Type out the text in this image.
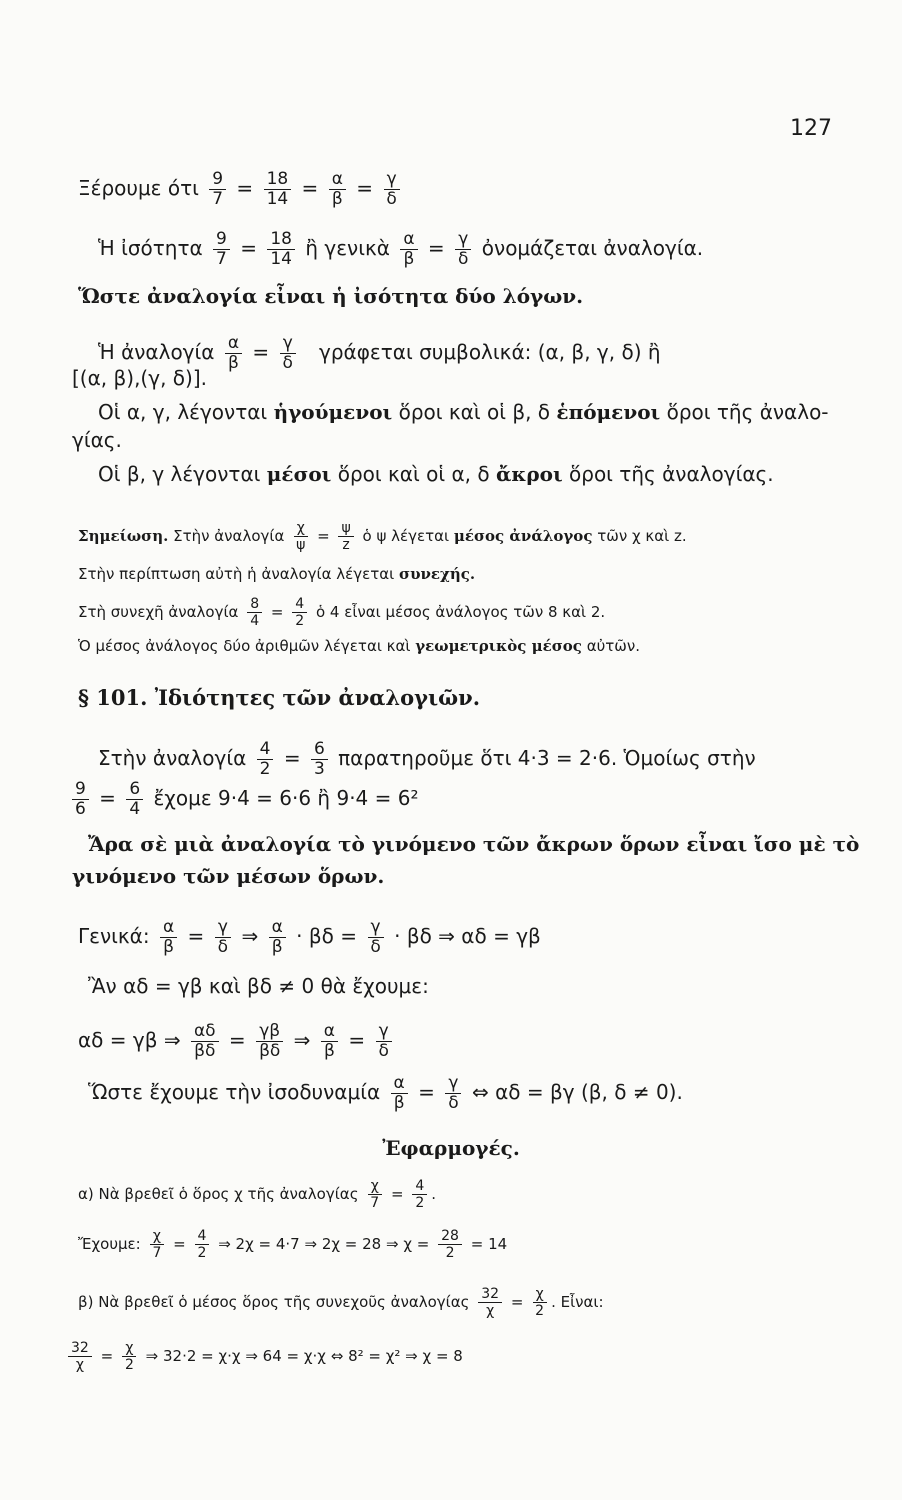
127
Ξέρουμε ότι $\frac{9}{7} = \frac{18}{14} = \frac{\alpha}{\beta} = \frac{\gamma}{\delta}$
Ἡ ἰσότητα $\frac{9}{7} = \frac{18}{14}$ ἢ γενικὰ $\frac{\alpha}{\beta} = \frac{\gamma}{\delta}$ ὀνομάζεται ἀναλογία.
Ὥστε ἀναλογία εἶναι ἡ ἰσότητα δύο λόγων.
Ἡ ἀναλογία $\frac{\alpha}{\beta} = \frac{\gamma}{\delta}$ γράφεται συμβολικά: (α, β, γ, δ) ἢ
[(α, β),(γ, δ)].
Οἱ α, γ, λέγονται ἡγούμενοι ὅροι καὶ οἱ β, δ ἑπόμενοι ὅροι τῆς ἀναλο-
γίας.
Οἱ β, γ λέγονται μέσοι ὅροι καὶ οἱ α, δ ἄκροι ὅροι τῆς ἀναλογίας.
Σημείωση. Στὴν ἀναλογία $\frac{\chi}{\psi} = \frac{\psi}{z}$ ὁ ψ λέγεται μέσος ἀνάλογος τῶν χ καὶ z.
Στὴν περίπτωση αὐτὴ ἡ ἀναλογία λέγεται συνεχής.
Στὴ συνεχῆ ἀναλογία $\frac{8}{4} = \frac{4}{2}$ ὁ 4 εἶναι μέσος ἀνάλογος τῶν 8 καὶ 2.
Ὁ μέσος ἀνάλογος δύο ἀριθμῶν λέγεται καὶ γεωμετρικὸς μέσος αὐτῶν.
§ 101. Ἰδιότητες τῶν ἀναλογιῶν.
Στὴν ἀναλογία $\frac{4}{2} = \frac{6}{3}$ παρατηροῦμε ὅτι 4·3 = 2·6. Ὁμοίως στὴν
$\frac{9}{6} = \frac{6}{4}$ ἔχομε 9·4 = 6·6 ἢ 9·4 = 6²
Ἄρα σὲ μιὰ ἀναλογία τὸ γινόμενο τῶν ἄκρων ὅρων εἶναι ἴσο μὲ τὸ
γινόμενο τῶν μέσων ὅρων.
Γενικά: $\frac{\alpha}{\beta} = \frac{\gamma}{\delta}$ ⇒ $\frac{\alpha}{\beta} \cdot \beta\delta = \frac{\gamma}{\delta} \cdot \beta\delta$ ⇒ αδ = γβ
Ἂν αδ = γβ καὶ βδ ≠ 0 θὰ ἔχουμε:
αδ = γβ ⇒ $\frac{\alpha\delta}{\beta\delta} = \frac{\gamma\beta}{\beta\delta}$ ⇒ $\frac{\alpha}{\beta} = \frac{\gamma}{\delta}$
Ὥστε ἔχουμε τὴν ἰσοδυναμία $\frac{\alpha}{\beta} = \frac{\gamma}{\delta}$ ⇔ αδ = βγ (β, δ ≠ 0).
Ἐφαρμογές.
α) Νὰ βρεθεῖ ὁ ὅρος χ τῆς ἀναλογίας $\frac{\chi}{7} = \frac{4}{2}$ .
Ἔχουμε: $\frac{\chi}{7} = \frac{4}{2}$ ⇒ 2χ = 4·7 ⇒ 2χ = 28 ⇒ $\chi = \frac{28}{2} = 14$
β) Νὰ βρεθεῖ ὁ μέσος ὅρος τῆς συνεχοῦς ἀναλογίας $\frac{32}{\chi} = \frac{\chi}{2}$ . Εἶναι:
$\frac{32}{\chi} = \frac{\chi}{2}$ ⇒ 32·2 = χ·χ ⇒ 64 = χ·χ ⇔ 8² = χ² ⇒ χ = 8
